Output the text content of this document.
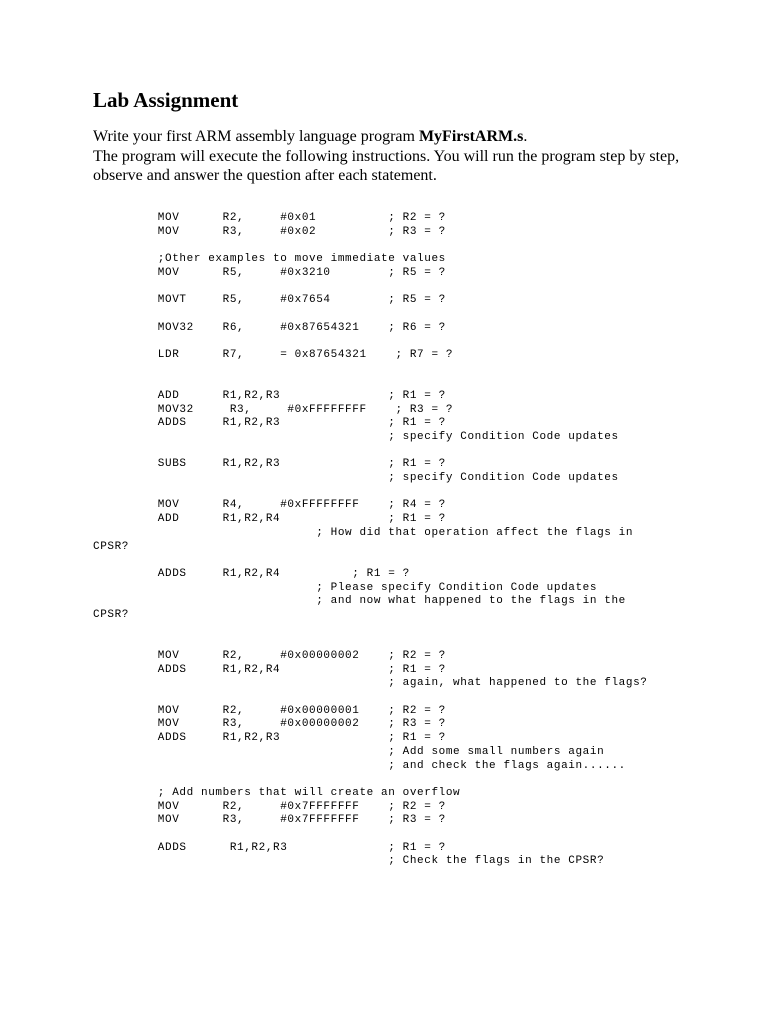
Lab Assignment
Write your first ARM assembly language program MyFirstARM.s.
The program will execute the following instructions. You will run the program step by step, observe and answer the question after each statement.
MOV      R2,     #0x01          ; R2 = ?
MOV      R3,     #0x02          ; R3 = ?
;Other examples to move immediate values
MOV      R5,     #0x3210        ; R5 = ?
MOVT     R5,     #0x7654        ; R5 = ?
MOV32    R6,     #0x87654321    ; R6 = ?
LDR      R7,     = 0x87654321    ; R7 = ?
ADD      R1,R2,R3               ; R1 = ?
MOV32     R3,     #0xFFFFFFFF    ; R3 = ?
ADDS     R1,R2,R3               ; R1 = ?
; specify Condition Code updates
SUBS     R1,R2,R3               ; R1 = ?
; specify Condition Code updates
MOV      R4,     #0xFFFFFFFF    ; R4 = ?
ADD      R1,R2,R4               ; R1 = ?
; How did that operation affect the flags in
CPSR?
ADDS     R1,R2,R4          ; R1 = ?
; Please specify Condition Code updates
; and now what happened to the flags in the
CPSR?
MOV      R2,     #0x00000002    ; R2 = ?
ADDS     R1,R2,R4               ; R1 = ?
; again, what happened to the flags?
MOV      R2,     #0x00000001    ; R2 = ?
MOV      R3,     #0x00000002    ; R3 = ?
ADDS     R1,R2,R3               ; R1 = ?
; Add some small numbers again
; and check the flags again......
; Add numbers that will create an overflow
MOV      R2,     #0x7FFFFFFF    ; R2 = ?
MOV      R3,     #0x7FFFFFFF    ; R3 = ?
ADDS      R1,R2,R3              ; R1 = ?
; Check the flags in the CPSR?
